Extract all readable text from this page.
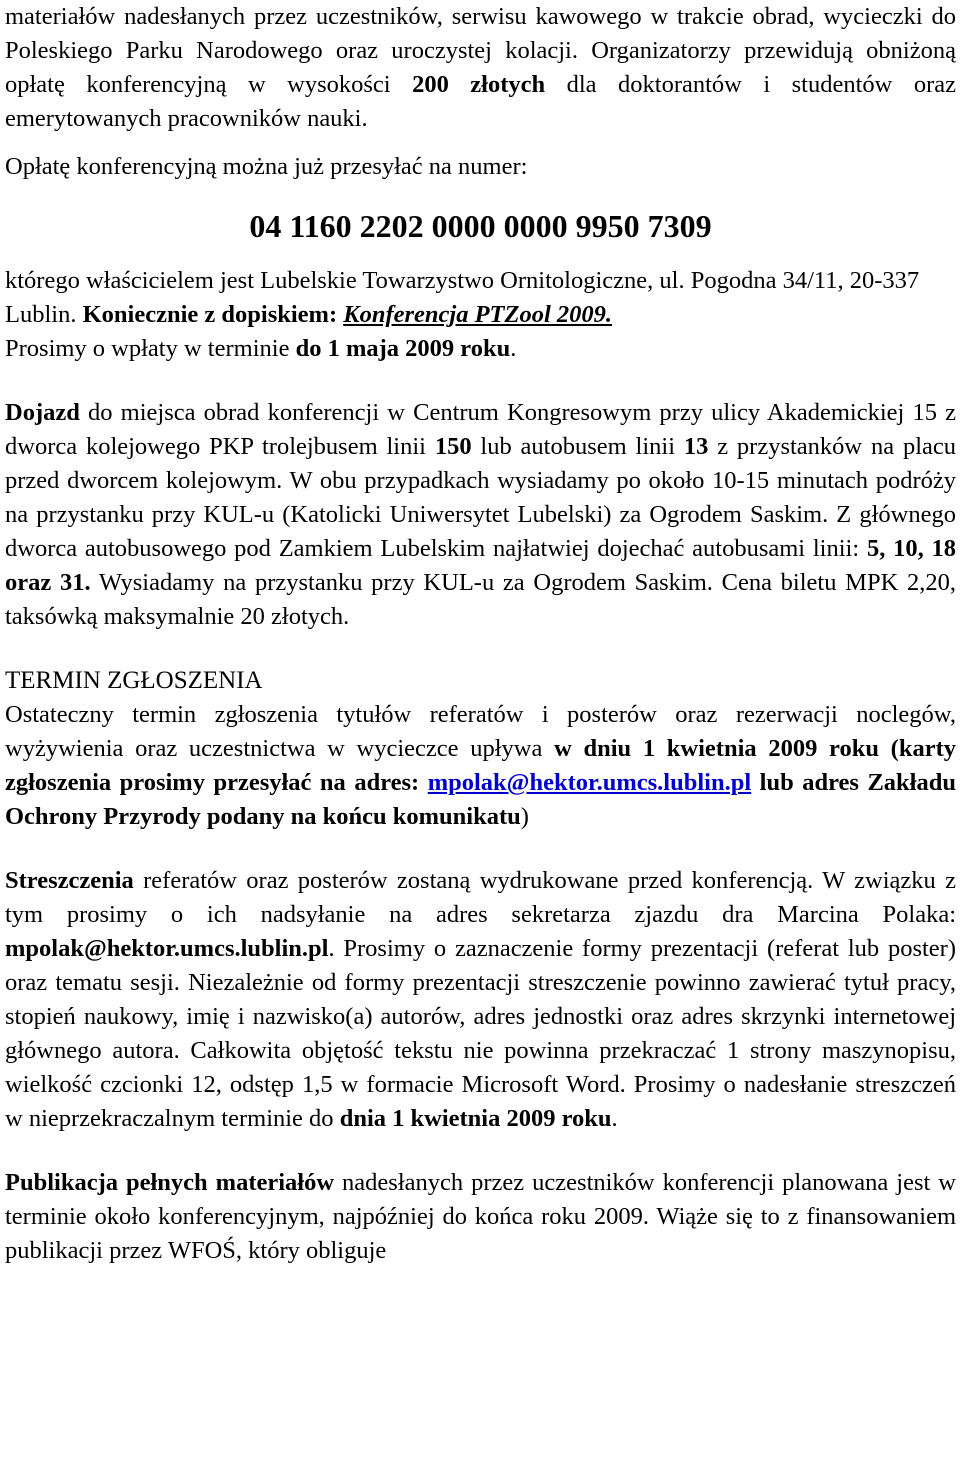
materiałów nadesłanych przez uczestników, serwisu kawowego w trakcie obrad, wycieczki do Poleskiego Parku Narodowego oraz uroczystej kolacji. Organizatorzy przewidują obniżoną opłatę konferencyjną w wysokości 200 złotych dla doktorantów i studentów oraz emerytowanych pracowników nauki.

Opłatę konferencyjną można już przesyłać na numer:

04 1160 2202 0000 0000 9950 7309

którego właścicielem jest Lubelskie Towarzystwo Ornitologiczne, ul. Pogodna 34/11, 20-337 Lublin. Koniecznie z dopiskiem: Konferencja PTZool 2009.
Prosimy o wpłaty w terminie do 1 maja 2009 roku.

Dojazd do miejsca obrad konferencji w Centrum Kongresowym przy ulicy Akademickiej 15 z dworca kolejowego PKP trolejbusem linii 150 lub autobusem linii 13 z przystanków na placu przed dworcem kolejowym. W obu przypadkach wysiadamy po około 10-15 minutach podróży na przystanku przy KUL-u (Katolicki Uniwersytet Lubelski) za Ogrodem Saskim. Z głównego dworca autobusowego pod Zamkiem Lubelskim najłatwiej dojechać autobusami linii: 5, 10, 18 oraz 31. Wysiadamy na przystanku przy KUL-u za Ogrodem Saskim. Cena biletu MPK 2,20, taksówką maksymalnie 20 złotych.

TERMIN ZGŁOSZENIA

Ostateczny termin zgłoszenia tytułów referatów i posterów oraz rezerwacji noclegów, wyżywienia oraz uczestnictwa w wycieczce upływa w dniu 1 kwietnia 2009 roku (karty zgłoszenia prosimy przesyłać na adres: mpolak@hektor.umcs.lublin.pl lub adres Zakładu Ochrony Przyrody podany na końcu komunikatu)

Streszczenia referatów oraz posterów zostaną wydrukowane przed konferencją. W związku z tym prosimy o ich nadsyłanie na adres sekretarza zjazdu dra Marcina Polaka: mpolak@hektor.umcs.lublin.pl. Prosimy o zaznaczenie formy prezentacji (referat lub poster) oraz tematu sesji. Niezależnie od formy prezentacji streszczenie powinno zawierać tytuł pracy, stopień naukowy, imię i nazwisko(a) autorów, adres jednostki oraz adres skrzynki internetowej głównego autora. Całkowita objętość tekstu nie powinna przekraczać 1 strony maszynopisu, wielkość czcionki 12, odstęp 1,5 w formacie Microsoft Word. Prosimy o nadesłanie streszczeń w nieprzekraczalnym terminie do dnia 1 kwietnia 2009 roku.

Publikacja pełnych materiałów nadesłanych przez uczestników konferencji planowana jest w terminie około konferencyjnym, najpóźniej do końca roku 2009. Wiąże się to z finansowaniem publikacji przez WFOŚ, który obliguje
